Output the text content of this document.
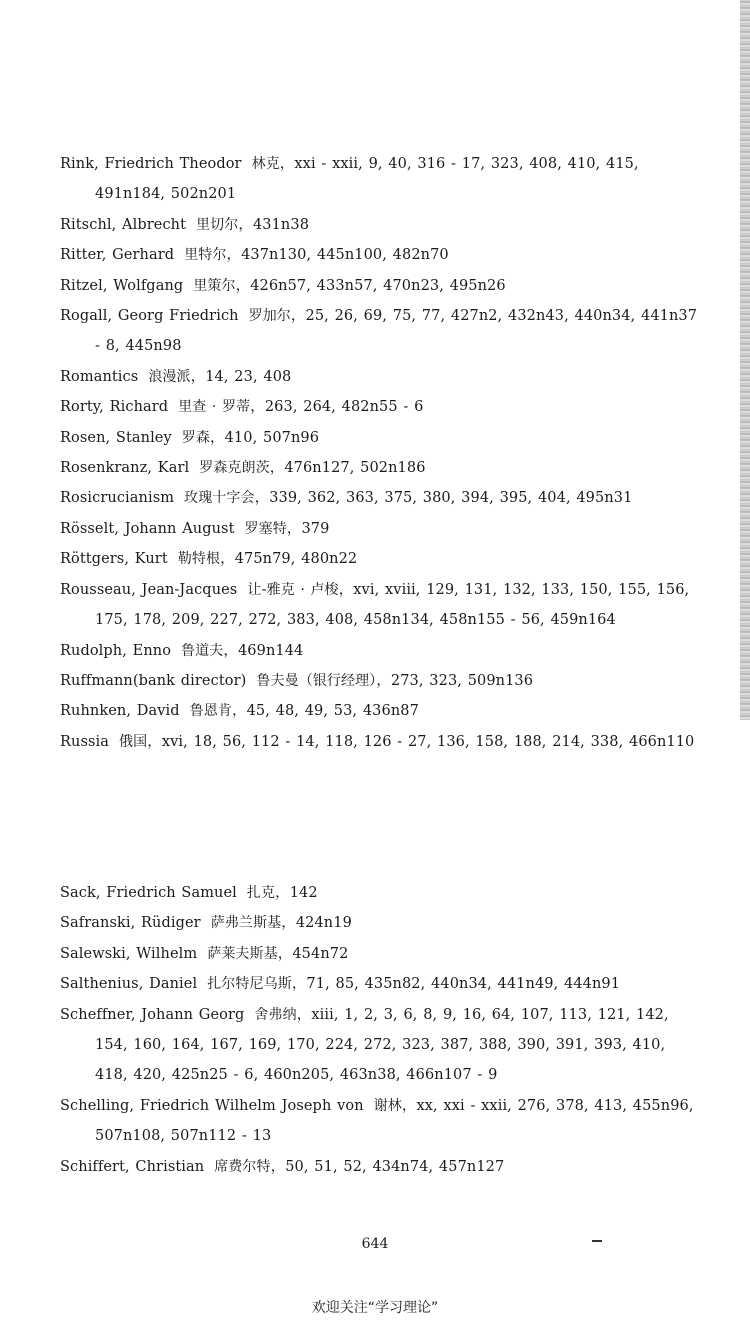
Rink, Friedrich Theodor 林克，xxi - xxii, 9, 40, 316 - 17, 323, 408, 410, 415, 491n184, 502n201
Ritschl, Albrecht 里切尔，431n38
Ritter, Gerhard 里特尔，437n130, 445n100, 482n70
Ritzel, Wolfgang 里策尔，426n57, 433n57, 470n23, 495n26
Rogall, Georg Friedrich 罗加尔，25, 26, 69, 75, 77, 427n2, 432n43, 440n34, 441n37 - 8, 445n98
Romantics 浪漫派，14, 23, 408
Rorty, Richard 里查 · 罗蒂，263, 264, 482n55 - 6
Rosen, Stanley 罗森，410, 507n96
Rosenkranz, Karl 罗森克朗茨，476n127, 502n186
Rosicrucianism 玫瑰十字会，339, 362, 363, 375, 380, 394, 395, 404, 495n31
Rösselt, Johann August 罗塞特，379
Röttgers, Kurt 勒特根，475n79, 480n22
Rousseau, Jean-Jacques 让-雅克 · 卢梭，xvi, xviii, 129, 131, 132, 133, 150, 155, 156, 175, 178, 209, 227, 272, 383, 408, 458n134, 458n155 - 56, 459n164
Rudolph, Enno 鲁道夫，469n144
Ruffmann(bank director) 鲁夫曼（银行经理），273, 323, 509n136
Ruhnken, David 鲁恩肯，45, 48, 49, 53, 436n87
Russia 俄国，xvi, 18, 56, 112 - 14, 118, 126 - 27, 136, 158, 188, 214, 338, 466n110
Sack, Friedrich Samuel 扎克，142
Safranski, Rüdiger 萨弗兰斯基，424n19
Salewski, Wilhelm 萨莱夫斯基，454n72
Salthenius, Daniel 扎尔特尼乌斯，71, 85, 435n82, 440n34, 441n49, 444n91
Scheffner, Johann Georg 舍弗纳，xiii, 1, 2, 3, 6, 8, 9, 16, 64, 107, 113, 121, 142, 154, 160, 164, 167, 169, 170, 224, 272, 323, 387, 388, 390, 391, 393, 410, 418, 420, 425n25 - 6, 460n205, 463n38, 466n107 - 9
Schelling, Friedrich Wilhelm Joseph von 谢林，xx, xxi - xxii, 276, 378, 413, 455n96, 507n108, 507n112 - 13
Schiffert, Christian 席费尔特，50, 51, 52, 434n74, 457n127
644
欢迎关注“学习理论”
